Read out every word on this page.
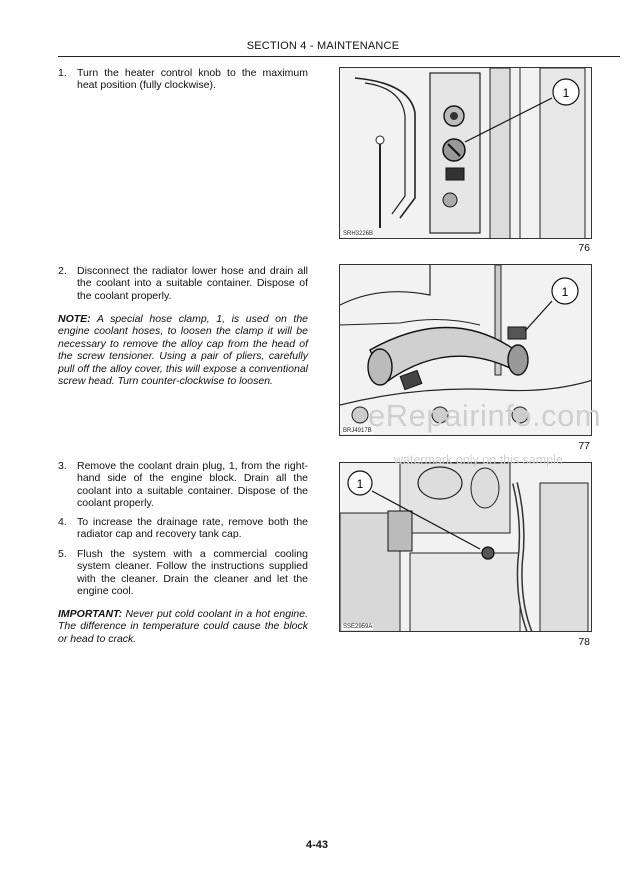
SECTION 4 - MAINTENANCE
1. Turn the heater control knob to the maximum heat position (fully clockwise).
1
SRH3226B
76
2. Disconnect the radiator lower hose and drain all the coolant into a suitable container. Dispose of the coolant properly.
NOTE: A special hose clamp, 1, is used on the engine coolant hoses, to loosen the clamp it will be necessary to remove the alloy cap from the head of the screw tensioner. Using a pair of pliers, carefully pull off the alloy cover, this will expose a conventional screw head. Turn counter-clockwise to loosen.
1
BRJ4917B
77
3. Remove the coolant drain plug, 1, from the right-hand side of the engine block. Drain all the coolant into a suitable container. Dispose of the coolant properly.
4. To increase the drainage rate, remove both the radiator cap and recovery tank cap.
5. Flush the system with a commercial cooling system cleaner. Follow the instructions supplied with the cleaner. Drain the cleaner and let the engine cool.
IMPORTANT: Never put cold coolant in a hot engine. The difference in temperature could cause the block or head to crack.
1
SSE2959A
78
eRepairinfo.com
watermark only on this sample
4-43
